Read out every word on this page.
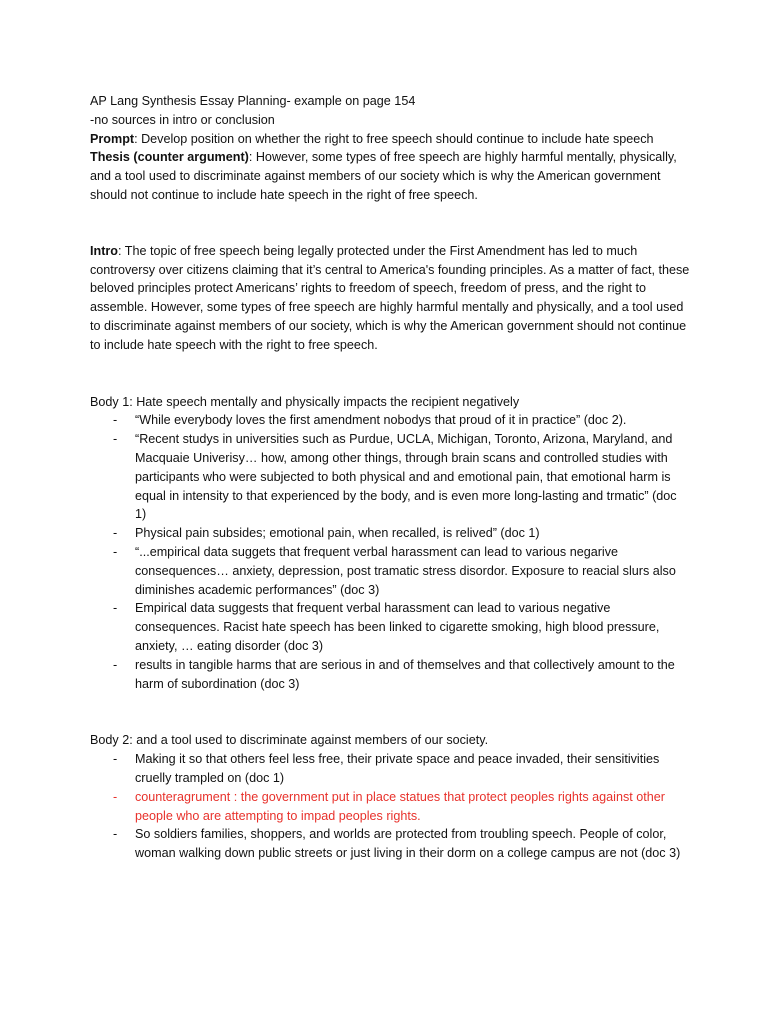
AP Lang Synthesis Essay Planning- example on page 154

-no sources in intro or conclusion

Prompt: Develop position on whether the right to free speech should continue to include hate speech

Thesis (counter argument): However, some types of free speech are highly harmful mentally, physically, and a tool used to discriminate against members of our society which is why the American government should not continue to include hate speech in the right of free speech.

Intro: The topic of free speech being legally protected under the First Amendment has led to much controversy over citizens claiming that it’s central to America's founding principles. As a matter of fact, these beloved principles protect Americans’ rights to freedom of speech, freedom of press, and the right to assemble. However, some types of free speech are highly harmful mentally and physically, and a tool used to discriminate against members of our society, which is why the American government should not continue to include hate speech with the right to free speech.

Body 1: Hate speech mentally and physically impacts the recipient negatively

- “While everybody loves the first amendment nobodys that proud of it in practice” (doc 2).
- “Recent studys in universities such as Purdue, UCLA, Michigan, Toronto, Arizona, Maryland, and Macquaie Univerisy… how, among other things, through brain scans and controlled studies with participants who were subjected to both physical and and emotional pain, that emotional harm is equal in intensity to that experienced by the body, and is even more long-lasting and trmatic” (doc 1)
- Physical pain subsides; emotional pain, when recalled, is relived” (doc 1)
- “...empirical data suggets that frequent verbal harassment can lead to various negarive consequences… anxiety, depression, post tramatic stress disordor. Exposure to reacial slurs also diminishes academic performances” (doc 3)
- Empirical data suggests that frequent verbal harassment can lead to various negative consequences. Racist hate speech has been linked to cigarette smoking, high blood pressure, anxiety, … eating disorder (doc 3)
- results in tangible harms that are serious in and of themselves and that collectively amount to the harm of subordination (doc 3)

Body 2: and a tool used to discriminate against members of our society.

- Making it so that others feel less free, their private space and peace invaded, their sensitivities cruelly trampled on (doc 1)
- counteragrument : the government put in place statues that protect peoples rights against other people who are attempting to impad peoples rights.
- So soldiers families, shoppers, and worlds are protected from troubling speech. People of color, woman walking down public streets or just living in their dorm on a college campus are not (doc 3)
